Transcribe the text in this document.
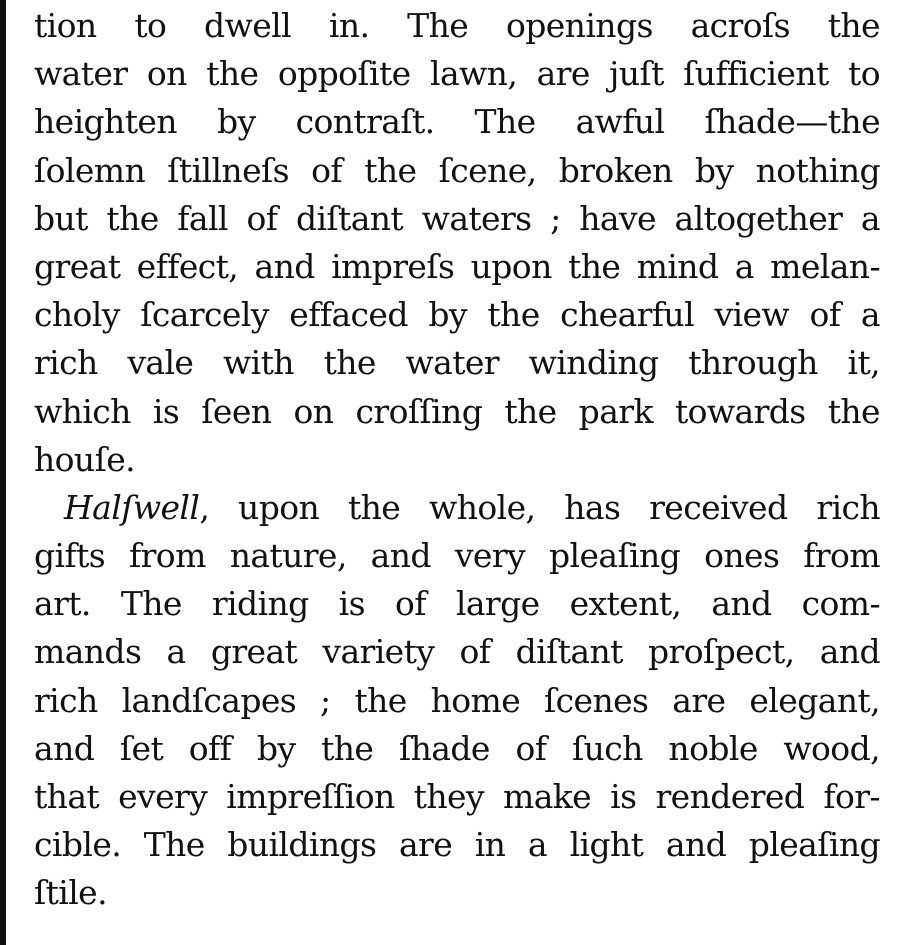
tion to dwell in. The openings acroſs the
water on the oppoſite lawn, are juſt ſufficient to
heighten by contraſt. The awful ſhade—the
ſolemn ſtillneſs of the ſcene, broken by nothing
but the fall of diſtant waters ; have altogether a
great effect, and impreſs upon the mind a melan-
choly ſcarcely effaced by the chearful view of a
rich vale with the water winding through it,
which is ſeen on croſſing the park towards the
houſe.
Halſwell, upon the whole, has received rich
gifts from nature, and very pleaſing ones from
art. The riding is of large extent, and com-
mands a great variety of diſtant proſpect, and
rich landſcapes ; the home ſcenes are elegant,
and ſet off by the ſhade of ſuch noble wood,
that every impreſſion they make is rendered for-
cible. The buildings are in a light and pleaſing
ſtile.
